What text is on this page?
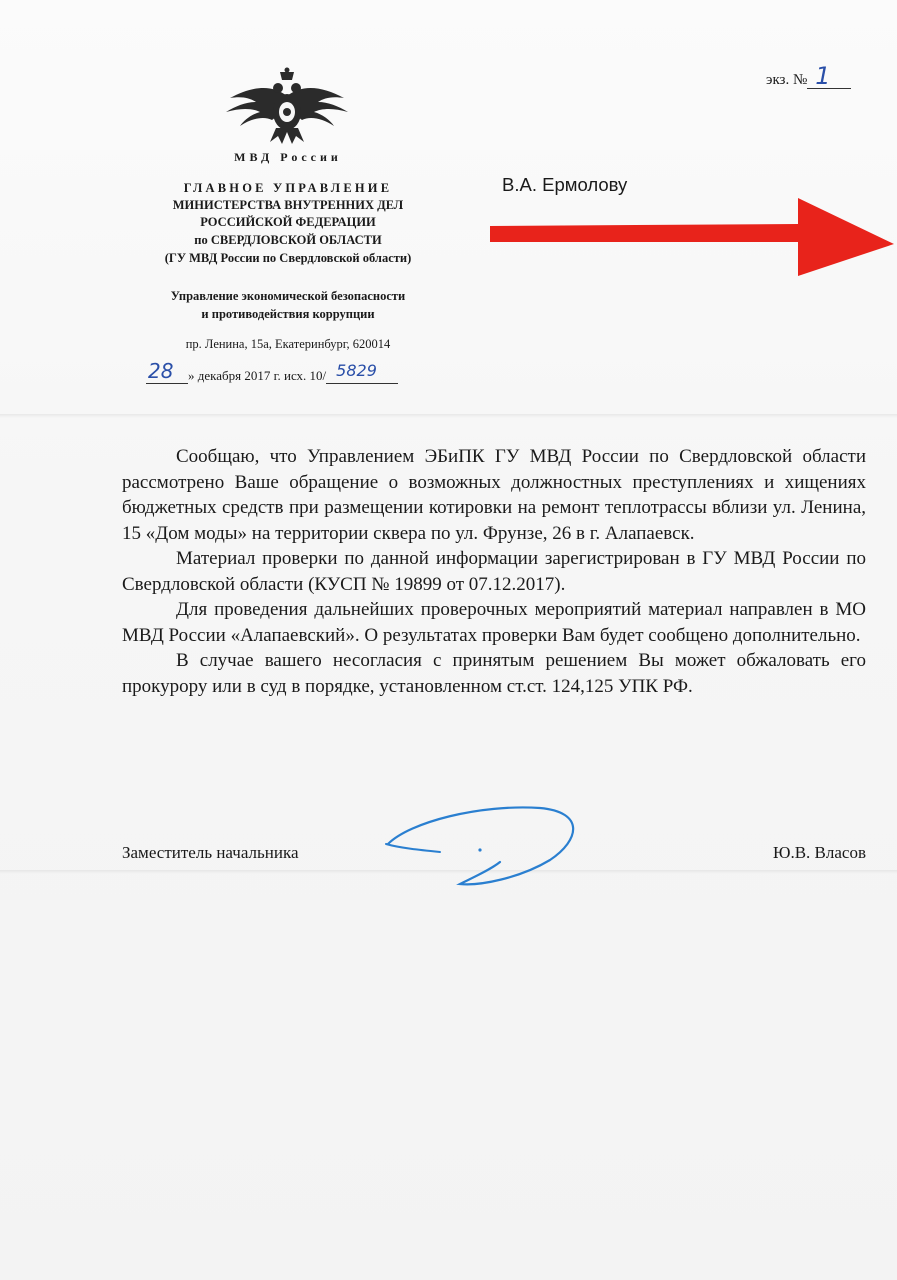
экз. № 1
МВД России
ГЛАВНОЕ УПРАВЛЕНИЕ
МИНИСТЕРСТВА ВНУТРЕННИХ ДЕЛ
РОССИЙСКОЙ ФЕДЕРАЦИИ
по СВЕРДЛОВСКОЙ ОБЛАСТИ
(ГУ МВД России по Свердловской области)
Управление экономической безопасности
и противодействия коррупции
пр. Ленина, 15а, Екатеринбург, 620014
28 » декабря 2017 г. исх. 10/ 5829
В.А. Ермолову

Сообщаю, что Управлением ЭБиПК ГУ МВД России по Свердловской области рассмотрено Ваше обращение о возможных должностных преступлениях и хищениях бюджетных средств при размещении котировки на ремонт теплотрассы вблизи ул. Ленина, 15 «Дом моды» на территории сквера по ул. Фрунзе, 26 в г. Алапаевск.

Материал проверки по данной информации зарегистрирован в ГУ МВД России по Свердловской области (КУСП № 19899 от 07.12.2017).

Для проведения дальнейших проверочных мероприятий материал направлен в МО МВД России «Алапаевский». О результатах проверки Вам будет сообщено дополнительно.

В случае вашего несогласия с принятым решением Вы может обжаловать его прокурору или в суд в порядке, установленном ст.ст. 124,125 УПК РФ.

Заместитель начальника	Ю.В. Власов
